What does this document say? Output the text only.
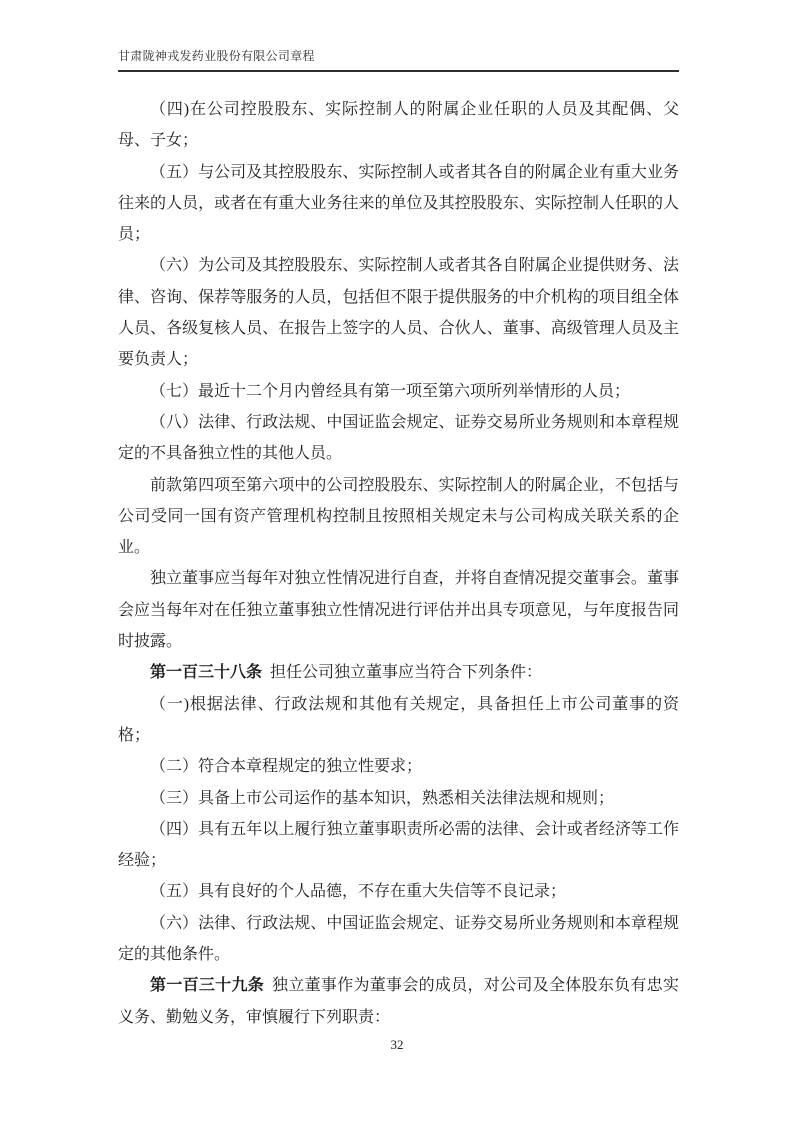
甘肃陇神戎发药业股份有限公司章程

（四)在公司控股股东、实际控制人的附属企业任职的人员及其配偶、父母、子女；

（五）与公司及其控股股东、实际控制人或者其各自的附属企业有重大业务往来的人员，或者在有重大业务往来的单位及其控股股东、实际控制人任职的人员；

（六）为公司及其控股股东、实际控制人或者其各自附属企业提供财务、法律、咨询、保荐等服务的人员，包括但不限于提供服务的中介机构的项目组全体人员、各级复核人员、在报告上签字的人员、合伙人、董事、高级管理人员及主要负责人；

（七）最近十二个月内曾经具有第一项至第六项所列举情形的人员；

（八）法律、行政法规、中国证监会规定、证券交易所业务规则和本章程规定的不具备独立性的其他人员。

前款第四项至第六项中的公司控股股东、实际控制人的附属企业，不包括与公司受同一国有资产管理机构控制且按照相关规定未与公司构成关联关系的企业。

独立董事应当每年对独立性情况进行自查，并将自查情况提交董事会。董事会应当每年对在任独立董事独立性情况进行评估并出具专项意见，与年度报告同时披露。

第一百三十八条 担任公司独立董事应当符合下列条件：

（一)根据法律、行政法规和其他有关规定，具备担任上市公司董事的资格；

（二）符合本章程规定的独立性要求；

（三）具备上市公司运作的基本知识，熟悉相关法律法规和规则；

（四）具有五年以上履行独立董事职责所必需的法律、会计或者经济等工作经验；

（五）具有良好的个人品德，不存在重大失信等不良记录；

（六）法律、行政法规、中国证监会规定、证券交易所业务规则和本章程规定的其他条件。

第一百三十九条 独立董事作为董事会的成员，对公司及全体股东负有忠实义务、勤勉义务，审慎履行下列职责：

32
